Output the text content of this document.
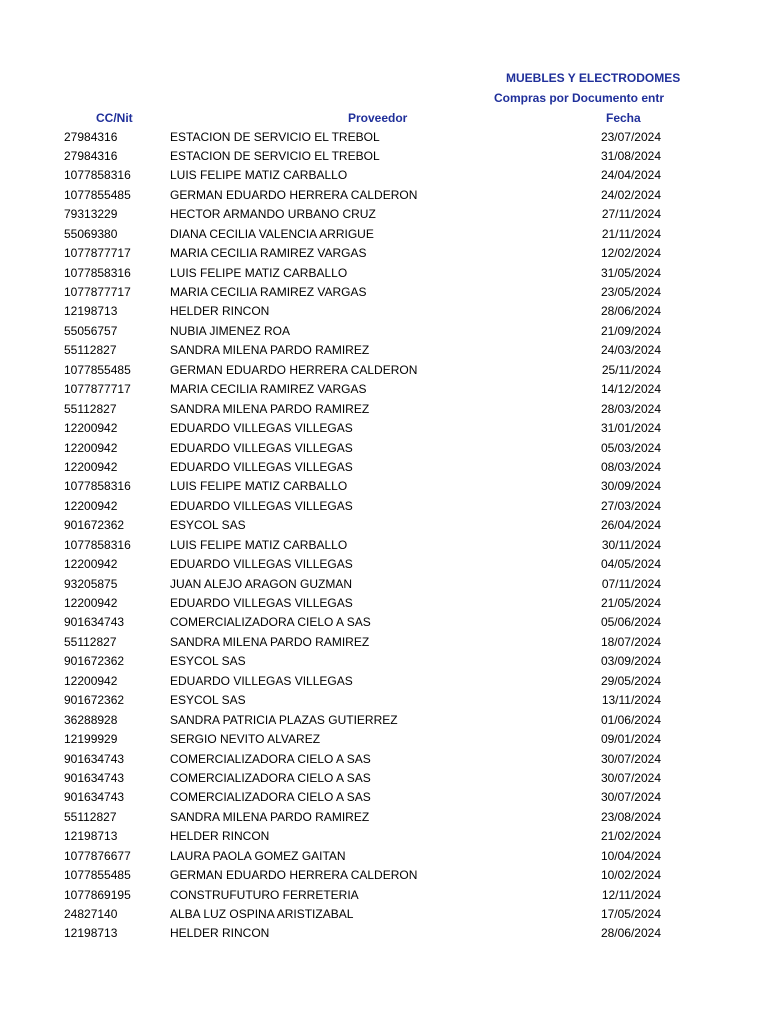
MUEBLES Y ELECTRODOMES
Compras por Documento entr
CC/Nit	Proveedor	Fecha
27984316	ESTACION DE SERVICIO EL TREBOL	23/07/2024
27984316	ESTACION DE SERVICIO EL TREBOL	31/08/2024
1077858316	LUIS FELIPE MATIZ CARBALLO	24/04/2024
1077855485	GERMAN EDUARDO HERRERA CALDERON	24/02/2024
79313229	HECTOR ARMANDO URBANO CRUZ	27/11/2024
55069380	DIANA CECILIA VALENCIA ARRIGUE	21/11/2024
1077877717	MARIA CECILIA RAMIREZ VARGAS	12/02/2024
1077858316	LUIS FELIPE MATIZ CARBALLO	31/05/2024
1077877717	MARIA CECILIA RAMIREZ VARGAS	23/05/2024
12198713	HELDER RINCON	28/06/2024
55056757	NUBIA JIMENEZ ROA	21/09/2024
55112827	SANDRA MILENA PARDO RAMIREZ	24/03/2024
1077855485	GERMAN EDUARDO HERRERA CALDERON	25/11/2024
1077877717	MARIA CECILIA RAMIREZ VARGAS	14/12/2024
55112827	SANDRA MILENA PARDO RAMIREZ	28/03/2024
12200942	EDUARDO VILLEGAS VILLEGAS	31/01/2024
12200942	EDUARDO VILLEGAS VILLEGAS	05/03/2024
12200942	EDUARDO VILLEGAS VILLEGAS	08/03/2024
1077858316	LUIS FELIPE MATIZ CARBALLO	30/09/2024
12200942	EDUARDO VILLEGAS VILLEGAS	27/03/2024
901672362	ESYCOL SAS	26/04/2024
1077858316	LUIS FELIPE MATIZ CARBALLO	30/11/2024
12200942	EDUARDO VILLEGAS VILLEGAS	04/05/2024
93205875	JUAN ALEJO ARAGON GUZMAN	07/11/2024
12200942	EDUARDO VILLEGAS VILLEGAS	21/05/2024
901634743	COMERCIALIZADORA CIELO A SAS	05/06/2024
55112827	SANDRA MILENA PARDO RAMIREZ	18/07/2024
901672362	ESYCOL SAS	03/09/2024
12200942	EDUARDO VILLEGAS VILLEGAS	29/05/2024
901672362	ESYCOL SAS	13/11/2024
36288928	SANDRA PATRICIA PLAZAS GUTIERREZ	01/06/2024
12199929	SERGIO NEVITO ALVAREZ	09/01/2024
901634743	COMERCIALIZADORA CIELO A SAS	30/07/2024
901634743	COMERCIALIZADORA CIELO A SAS	30/07/2024
901634743	COMERCIALIZADORA CIELO A SAS	30/07/2024
55112827	SANDRA MILENA PARDO RAMIREZ	23/08/2024
12198713	HELDER RINCON	21/02/2024
1077876677	LAURA PAOLA GOMEZ GAITAN	10/04/2024
1077855485	GERMAN EDUARDO HERRERA CALDERON	10/02/2024
1077869195	CONSTRUFUTURO FERRETERIA	12/11/2024
24827140	ALBA LUZ OSPINA ARISTIZABAL	17/05/2024
12198713	HELDER RINCON	28/06/2024
